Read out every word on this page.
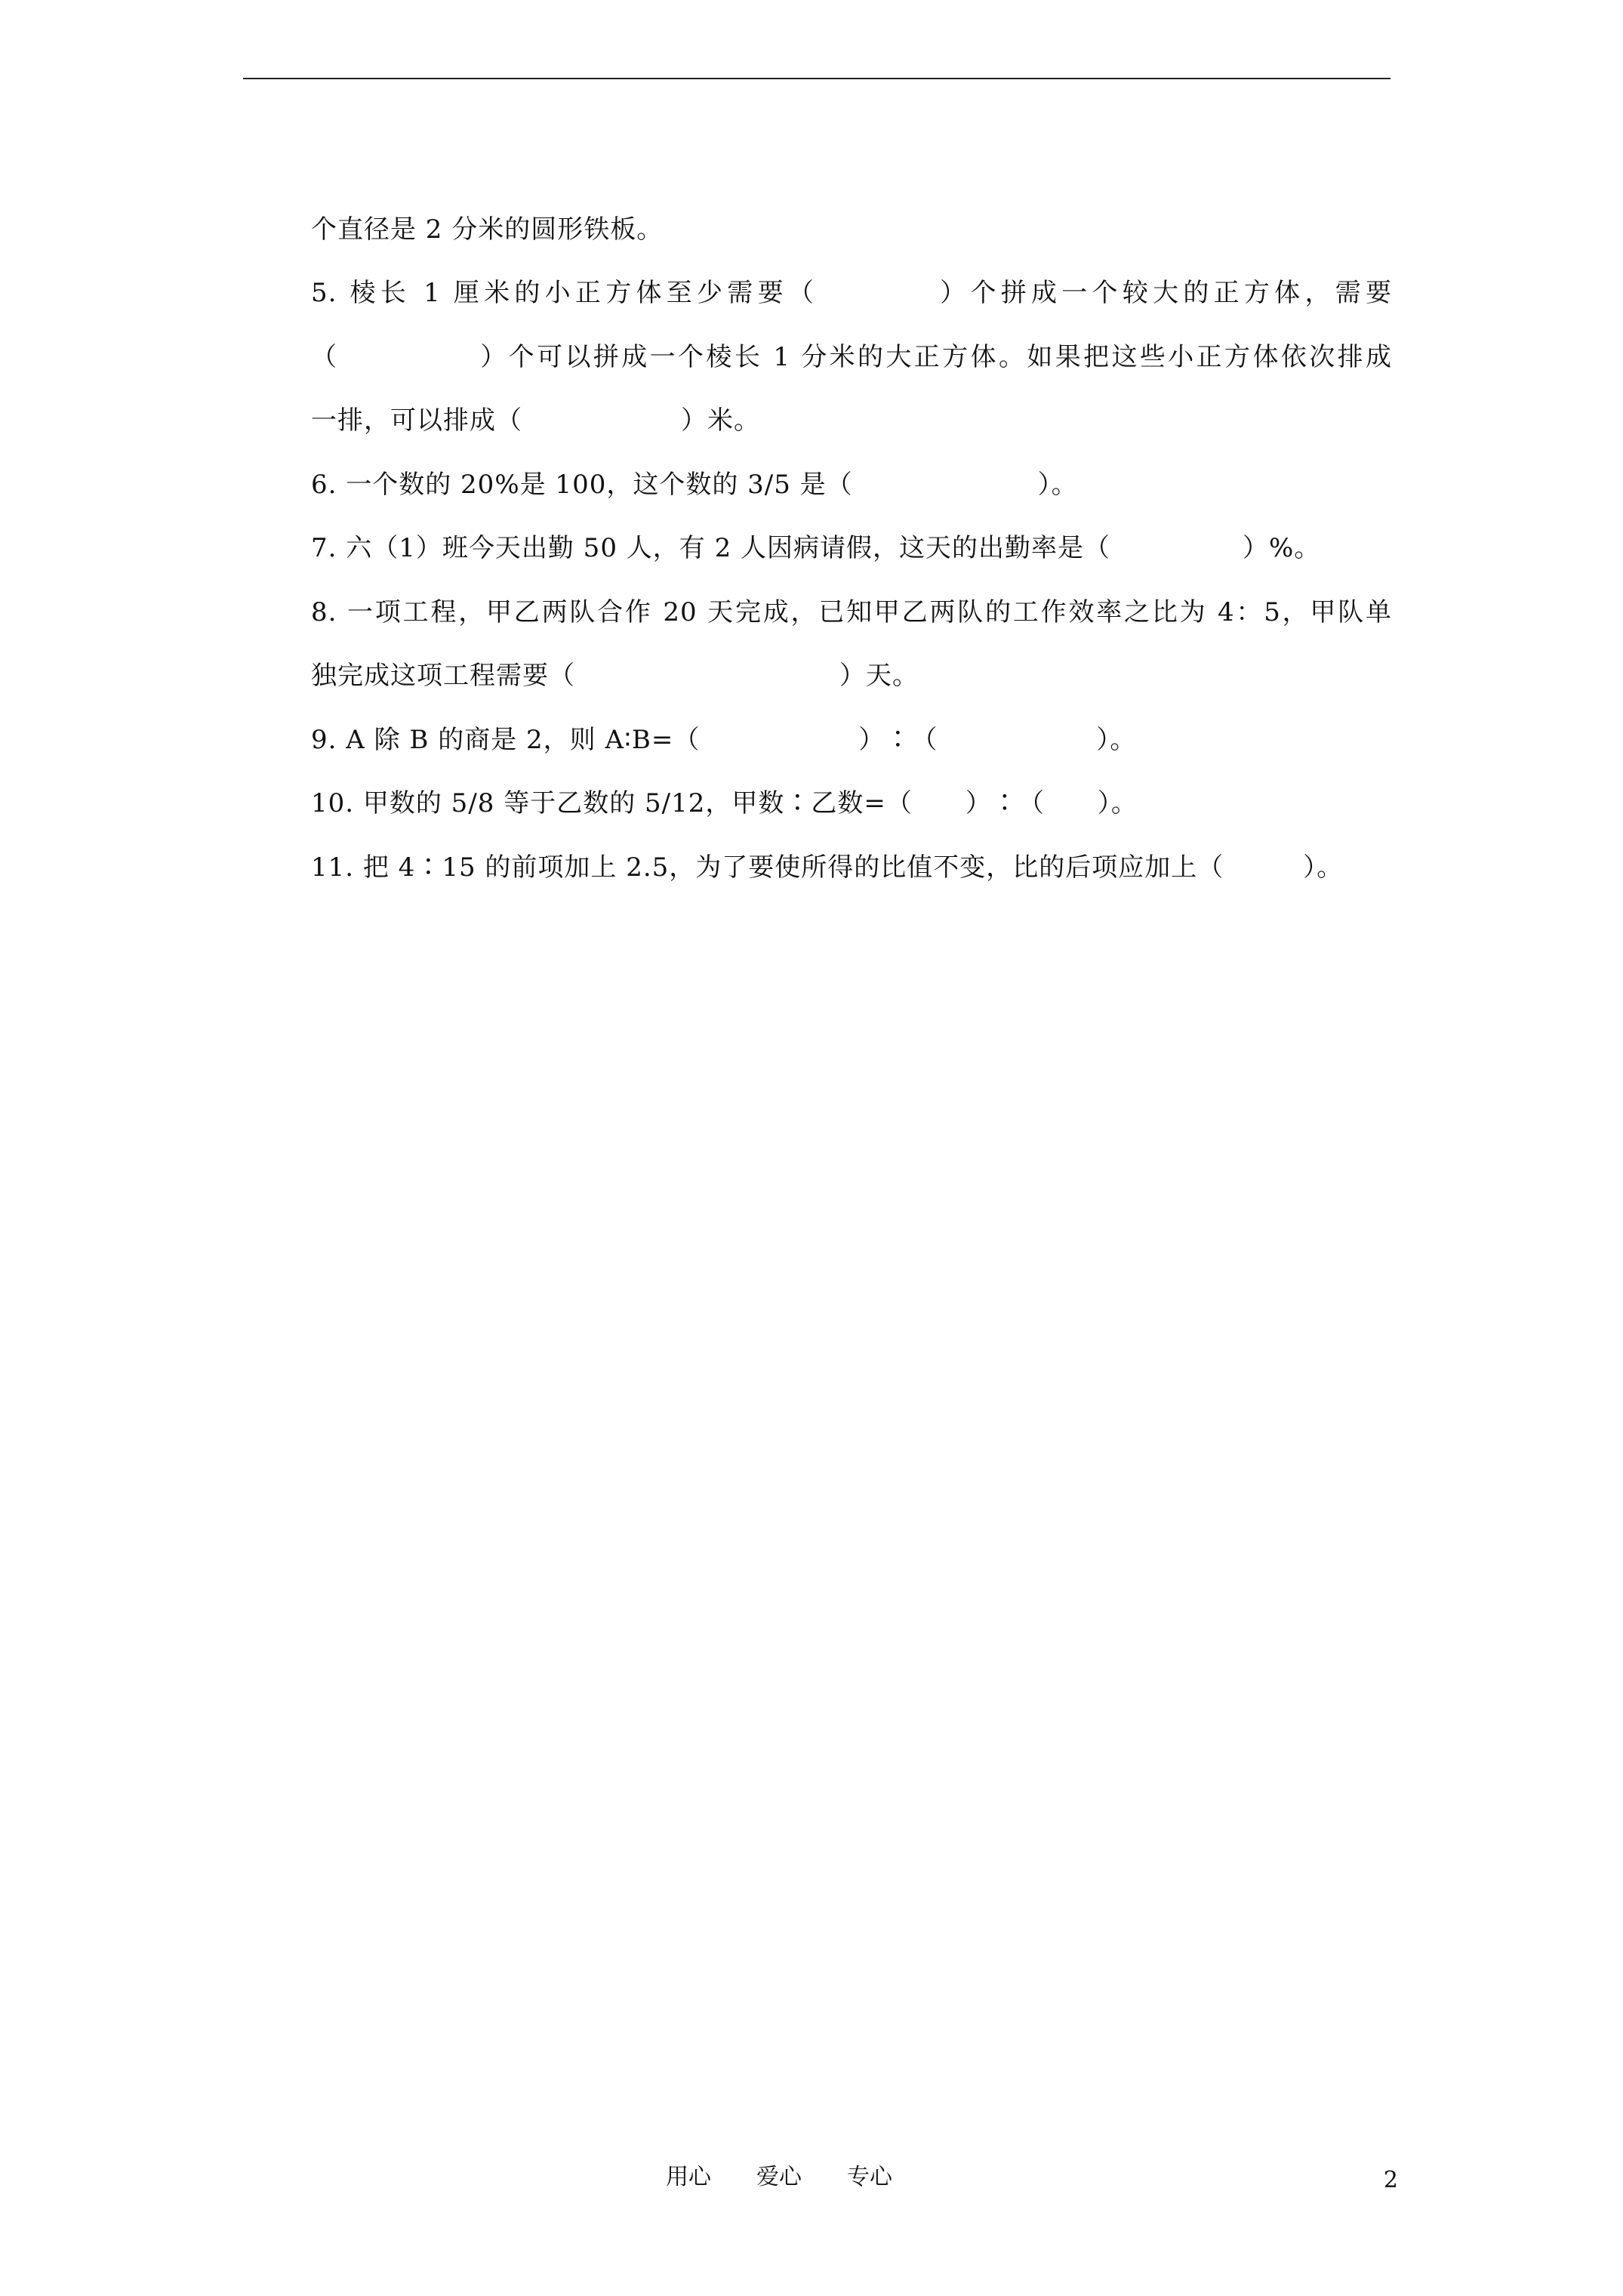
个直径是 2 分米的圆形铁板。
5. 棱长 1 厘米的小正方体至少需要（　　　　）个拼成一个较大的正方体，需要
（　　　　　）个可以拼成一个棱长 1 分米的大正方体。如果把这些小正方体依次排成
一排，可以排成（　　　　　　）米。
6. 一个数的 20%是 100，这个数的 3/5 是（　　　　　　　）。
7. 六（1）班今天出勤 50 人，有 2 人因病请假，这天的出勤率是（　　　　　）%。
8. 一项工程，甲乙两队合作 20 天完成，已知甲乙两队的工作效率之比为 4：5，甲队单
独完成这项工程需要（　　　　　　　　　　）天。
9. A 除 B 的商是 2，则 A∶B=（　　　　　　）∶（　　　　　　）。
10. 甲数的 5/8 等于乙数的 5/12，甲数∶乙数=（　　）∶（　　）。
11. 把 4∶15 的前项加上 2.5，为了要使所得的比值不变，比的后项应加上（　　　）。
用心　　爱心　　专心	2
